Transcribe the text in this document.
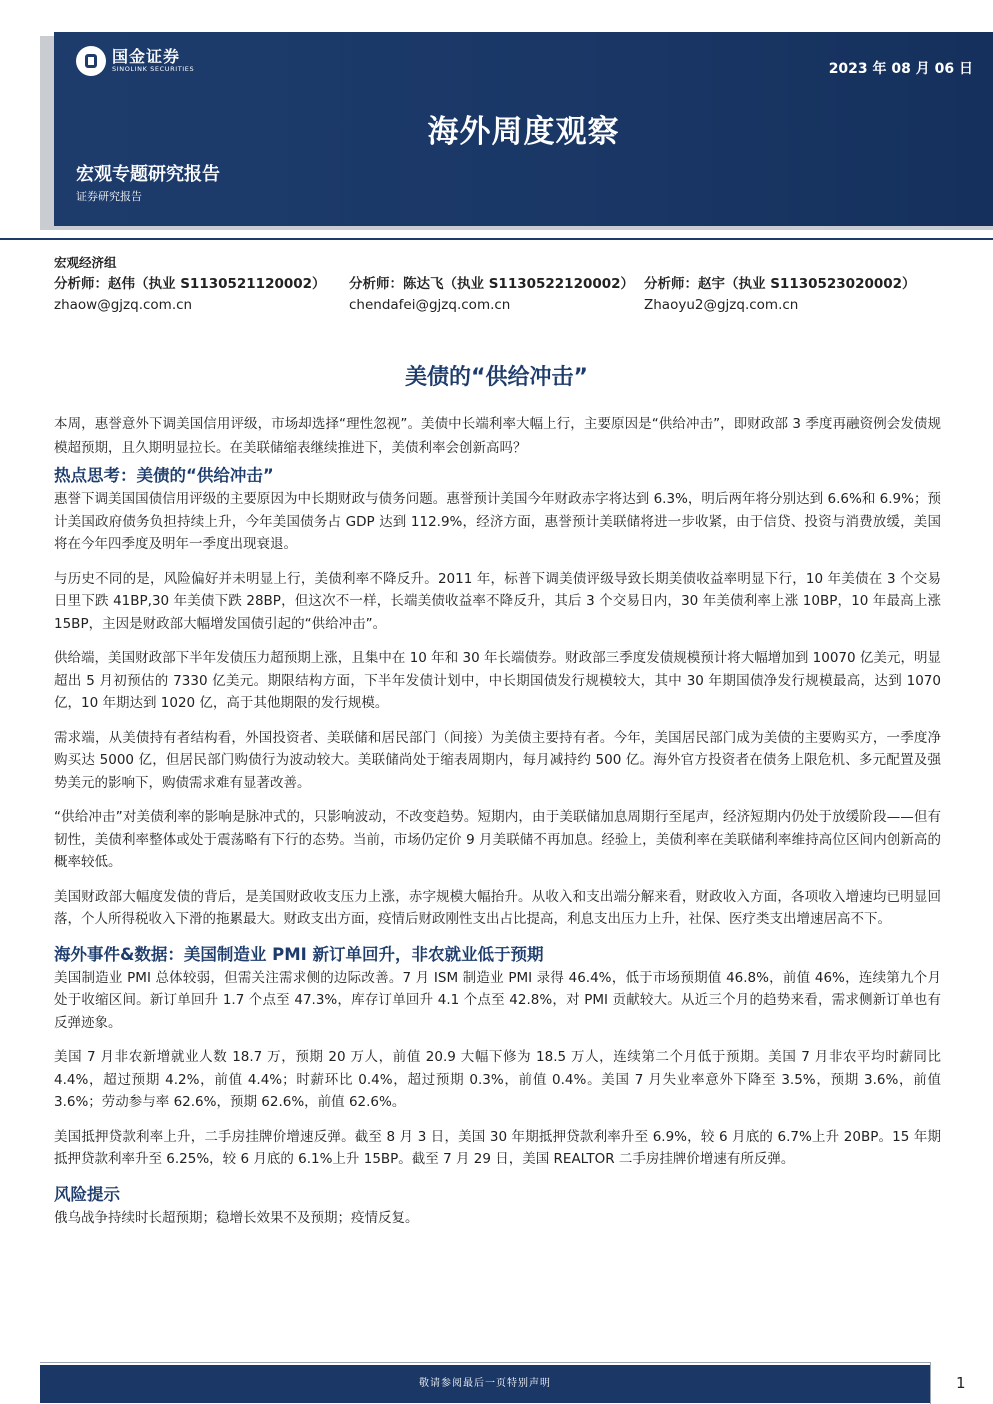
国金证券
SINOLINK SECURITIES	2023 年 08 月 06 日
海外周度观察
宏观专题研究报告
证券研究报告
宏观经济组
分析师：赵伟（执业 S1130521120002）
zhaow@gjzq.com.cn
分析师：陈达飞（执业 S1130522120002）
chendafei@gjzq.com.cn
分析师：赵宇（执业 S1130523020002）
Zhaoyu2@gjzq.com.cn
美债的“供给冲击”

本周，惠誉意外下调美国信用评级，市场却选择“理性忽视”。美债中长端利率大幅上行，主要原因是“供给冲击”，即财政部 3 季度再融资例会发债规模超预期，且久期明显拉长。在美联储缩表继续推进下，美债利率会创新高吗？

热点思考：美债的“供给冲击”

惠誉下调美国国债信用评级的主要原因为中长期财政与债务问题。惠誉预计美国今年财政赤字将达到 6.3%，明后两年将分别达到 6.6%和 6.9%；预计美国政府债务负担持续上升，今年美国债务占 GDP 达到 112.9%，经济方面，惠誉预计美联储将进一步收紧，由于信贷、投资与消费放缓，美国将在今年四季度及明年一季度出现衰退。

与历史不同的是，风险偏好并未明显上行，美债利率不降反升。2011 年，标普下调美债评级导致长期美债收益率明显下行，10 年美债在 3 个交易日里下跌 41BP,30 年美债下跌 28BP，但这次不一样，长端美债收益率不降反升，其后 3 个交易日内，30 年美债利率上涨 10BP，10 年最高上涨 15BP，主因是财政部大幅增发国债引起的“供给冲击”。

供给端，美国财政部下半年发债压力超预期上涨，且集中在 10 年和 30 年长端债券。财政部三季度发债规模预计将大幅增加到 10070 亿美元，明显超出 5 月初预估的 7330 亿美元。期限结构方面，下半年发债计划中，中长期国债发行规模较大，其中 30 年期国债净发行规模最高，达到 1070 亿，10 年期达到 1020 亿，高于其他期限的发行规模。

需求端，从美债持有者结构看，外国投资者、美联储和居民部门（间接）为美债主要持有者。今年，美国居民部门成为美债的主要购买方，一季度净购买达 5000 亿，但居民部门购债行为波动较大。美联储尚处于缩表周期内，每月减持约 500 亿。海外官方投资者在债务上限危机、多元配置及强势美元的影响下，购债需求难有显著改善。

“供给冲击”对美债利率的影响是脉冲式的，只影响波动，不改变趋势。短期内，由于美联储加息周期行至尾声，经济短期内仍处于放缓阶段——但有韧性，美债利率整体或处于震荡略有下行的态势。当前，市场仍定价 9 月美联储不再加息。经验上，美债利率在美联储利率维持高位区间内创新高的概率较低。

美国财政部大幅度发债的背后，是美国财政收支压力上涨，赤字规模大幅抬升。从收入和支出端分解来看，财政收入方面，各项收入增速均已明显回落，个人所得税收入下滑的拖累最大。财政支出方面，疫情后财政刚性支出占比提高，利息支出压力上升，社保、医疗类支出增速居高不下。

海外事件&数据：美国制造业 PMI 新订单回升，非农就业低于预期

美国制造业 PMI 总体较弱，但需关注需求侧的边际改善。7 月 ISM 制造业 PMI 录得 46.4%，低于市场预期值 46.8%，前值 46%，连续第九个月处于收缩区间。新订单回升 1.7 个点至 47.3%，库存订单回升 4.1 个点至 42.8%，对 PMI 贡献较大。从近三个月的趋势来看，需求侧新订单也有反弹迹象。

美国 7 月非农新增就业人数 18.7 万，预期 20 万人，前值 20.9 大幅下修为 18.5 万人，连续第二个月低于预期。美国 7 月非农平均时薪同比 4.4%，超过预期 4.2%，前值 4.4%；时薪环比 0.4%，超过预期 0.3%，前值 0.4%。美国 7 月失业率意外下降至 3.5%，预期 3.6%，前值 3.6%；劳动参与率 62.6%，预期 62.6%，前值 62.6%。

美国抵押贷款利率上升，二手房挂牌价增速反弹。截至 8 月 3 日，美国 30 年期抵押贷款利率升至 6.9%，较 6 月底的 6.7%上升 20BP。15 年期抵押贷款利率升至 6.25%，较 6 月底的 6.1%上升 15BP。截至 7 月 29 日，美国 REALTOR 二手房挂牌价增速有所反弹。

风险提示

俄乌战争持续时长超预期；稳增长效果不及预期；疫情反复。

敬请参阅最后一页特别声明	1
